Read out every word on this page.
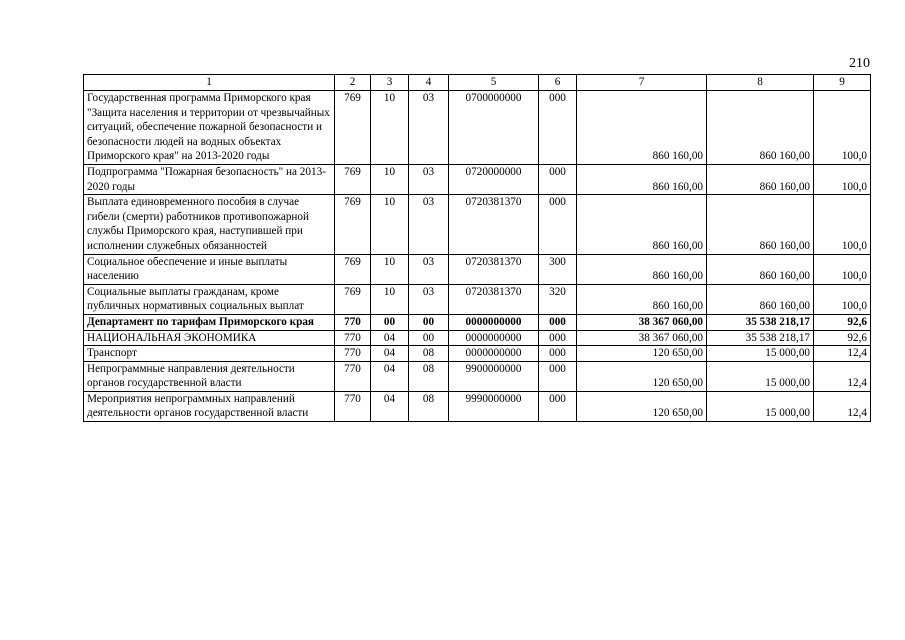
210
1	2	3	4	5	6	7	8	9
Государственная программа Приморского края "Защита населения и территории от чрезвычайных ситуаций, обеспечение пожарной безопасности и безопасности людей на водных объектах Приморского края" на 2013-2020 годы	769	10	03	0700000000	000	860 160,00	860 160,00	100,0
Подпрограмма "Пожарная безопасность" на 2013-2020 годы	769	10	03	0720000000	000	860 160,00	860 160,00	100,0
Выплата единовременного пособия в случае гибели (смерти) работников противопожарной службы Приморского края, наступившей при исполнении служебных обязанностей	769	10	03	0720381370	000	860 160,00	860 160,00	100,0
Социальное обеспечение и иные выплаты населению	769	10	03	0720381370	300	860 160,00	860 160,00	100,0
Социальные выплаты гражданам, кроме публичных нормативных социальных выплат	769	10	03	0720381370	320	860 160,00	860 160,00	100,0
Департамент по тарифам Приморского края	770	00	00	0000000000	000	38 367 060,00	35 538 218,17	92,6
НАЦИОНАЛЬНАЯ ЭКОНОМИКА	770	04	00	0000000000	000	38 367 060,00	35 538 218,17	92,6
Транспорт	770	04	08	0000000000	000	120 650,00	15 000,00	12,4
Непрограммные направления деятельности органов государственной власти	770	04	08	9900000000	000	120 650,00	15 000,00	12,4
Мероприятия непрограммных направлений деятельности органов государственной власти	770	04	08	9990000000	000	120 650,00	15 000,00	12,4
